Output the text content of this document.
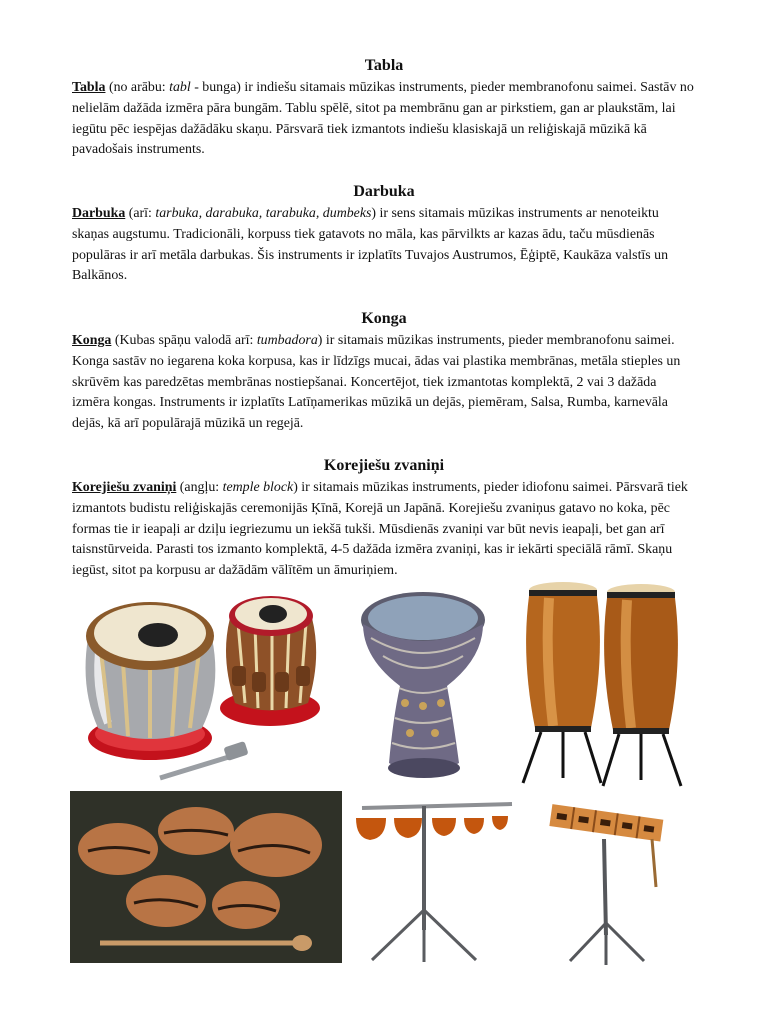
Tabla

Tabla (no arābu: tabl - bunga) ir indiešu sitamais mūzikas instruments, pieder membranofonu saimei. Sastāv no nelielām dažāda izmēra pāra bungām. Tablu spēlē, sitot pa membrānu gan ar pirkstiem, gan ar plaukstām, lai iegūtu pēc iespējas dažādāku skaņu. Pārsvarā tiek izmantots indiešu klasiskajā un reliģiskajā mūzikā kā pavadošais instruments.

Darbuka

Darbuka (arī: tarbuka, darabuka, tarabuka, dumbeks) ir sens sitamais mūzikas instruments ar nenoteiktu skaņas augstumu. Tradicionāli, korpuss tiek gatavots no māla, kas pārvilkts ar kazas ādu, taču mūsdienās populāras ir arī metāla darbukas. Šis instruments ir izplatīts Tuvajos Austrumos, Ēģiptē, Kaukāza valstīs un Balkānos.

Konga

Konga (Kubas spāņu valodā arī: tumbadora) ir sitamais mūzikas instruments, pieder membranofonu saimei. Konga sastāv no iegarena koka korpusa, kas ir līdzīgs mucai, ādas vai plastika membrānas, metāla stieples un skrūvēm kas paredzētas membrānas nostiepšanai. Koncertējot, tiek izmantotas komplektā, 2 vai 3 dažāda izmēra kongas. Instruments ir izplatīts Latīņamerikas mūzikā un dejās, piemēram, Salsa, Rumba, karnevāla dejās, kā arī populārajā mūzikā un regejā.

Korejiešu zvaniņi

Korejiešu zvaniņi (angļu: temple block) ir sitamais mūzikas instruments, pieder idiofonu saimei. Pārsvarā tiek izmantots budistu reliģiskajās ceremonijās Ķīnā, Korejā un Japānā. Korejiešu zvaniņus gatavo no koka, pēc formas tie ir ieapaļi ar dziļu iegriezumu un iekšā tukši. Mūsdienās zvaniņi var būt nevis ieapaļi, bet gan arī taisnstūrveida. Parasti tos izmanto komplektā, 4-5 dažāda izmēra zvaniņi, kas ir iekārti speciālā rāmī. Skaņu iegūst, sitot pa korpusu ar dažādām vālītēm un āmuriņiem.
